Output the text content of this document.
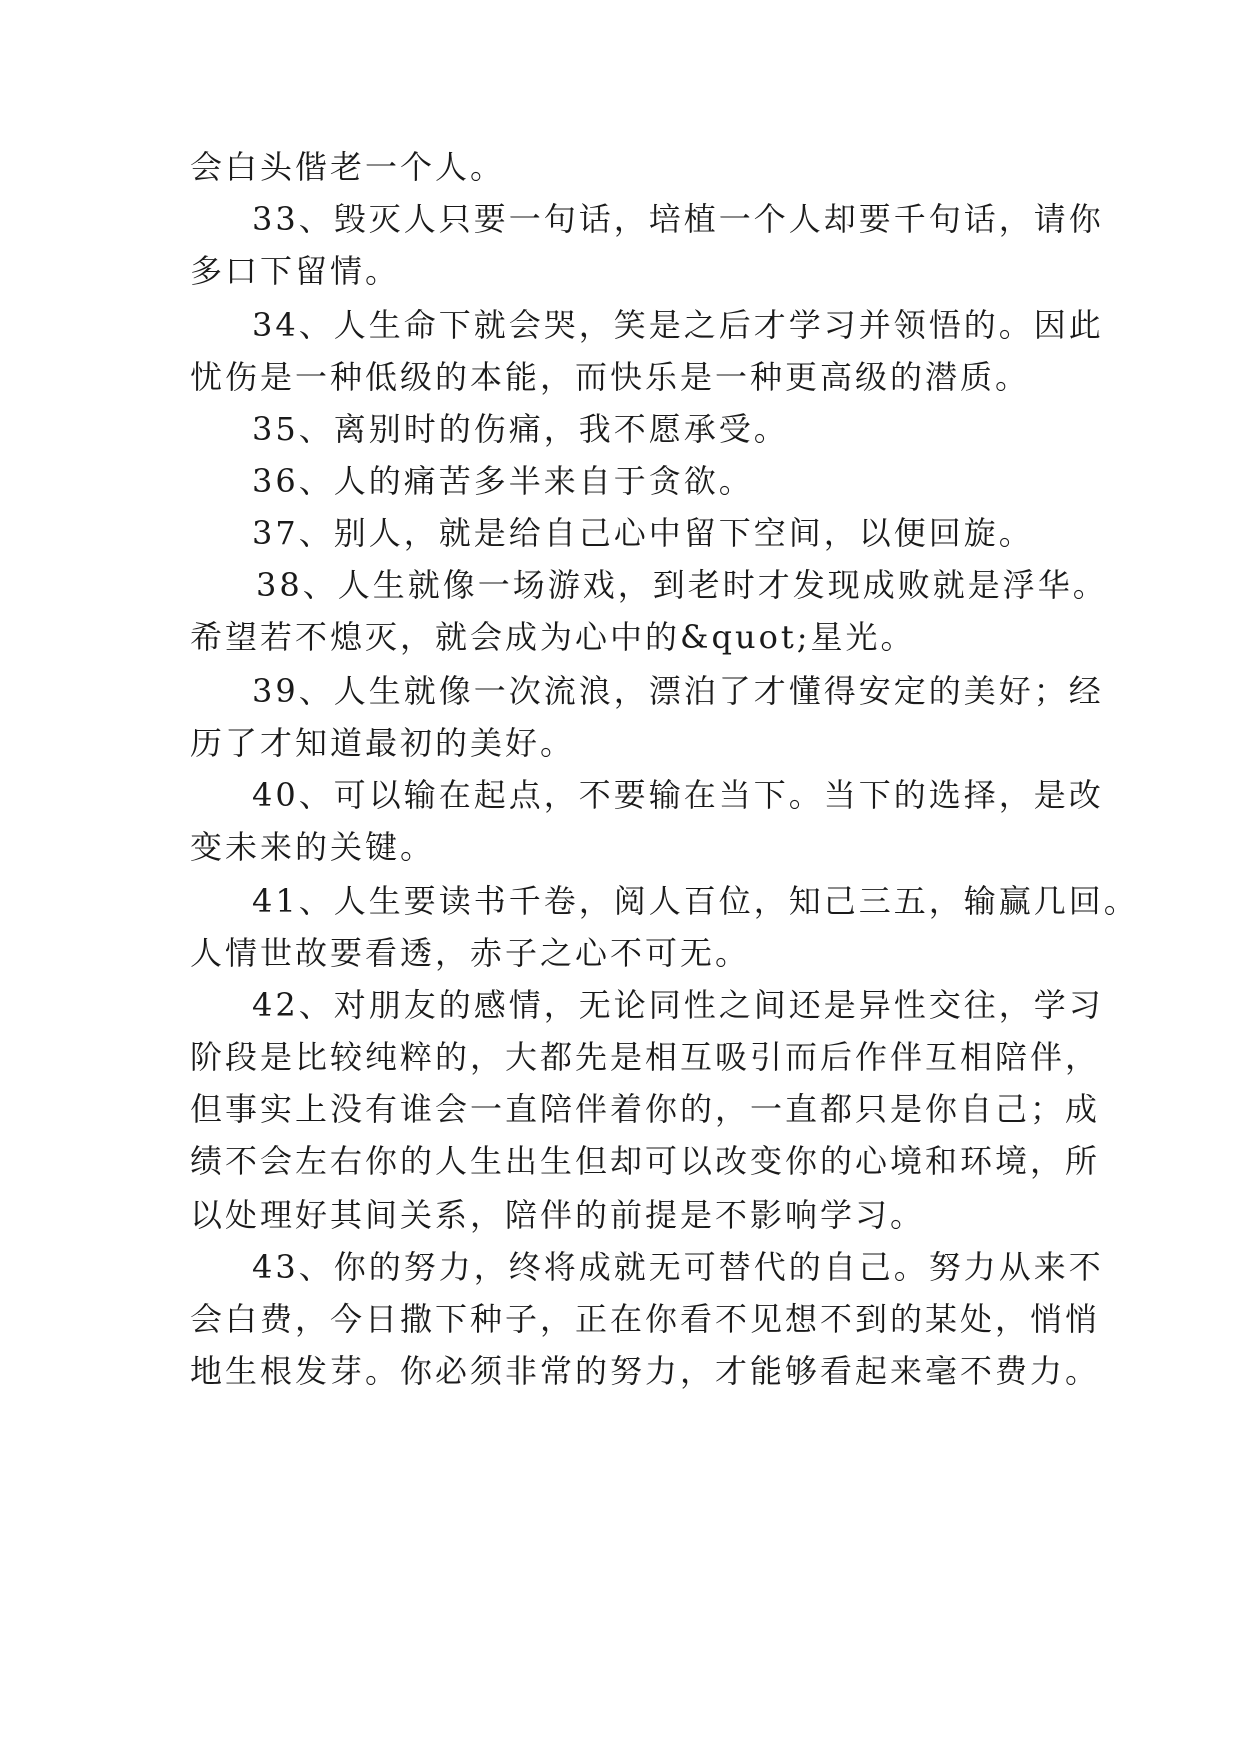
会白头偕老一个人。
33、毁灭人只要一句话，培植一个人却要千句话，请你
多口下留情。
34、人生命下就会哭，笑是之后才学习并领悟的。因此
忧伤是一种低级的本能，而快乐是一种更高级的潜质。
35、离别时的伤痛，我不愿承受。
36、人的痛苦多半来自于贪欲。
37、别人，就是给自己心中留下空间，以便回旋。
38、人生就像一场游戏，到老时才发现成败就是浮华。
希望若不熄灭，就会成为心中的&quot;星光。
39、人生就像一次流浪，漂泊了才懂得安定的美好；经
历了才知道最初的美好。
40、可以输在起点，不要输在当下。当下的选择，是改
变未来的关键。
41、人生要读书千卷，阅人百位，知己三五，输赢几回。
人情世故要看透，赤子之心不可无。
42、对朋友的感情，无论同性之间还是异性交往，学习
阶段是比较纯粹的，大都先是相互吸引而后作伴互相陪伴，
但事实上没有谁会一直陪伴着你的，一直都只是你自己；成
绩不会左右你的人生出生但却可以改变你的心境和环境，所
以处理好其间关系，陪伴的前提是不影响学习。
43、你的努力，终将成就无可替代的自己。努力从来不
会白费，今日撒下种子，正在你看不见想不到的某处，悄悄
地生根发芽。你必须非常的努力，才能够看起来毫不费力。
